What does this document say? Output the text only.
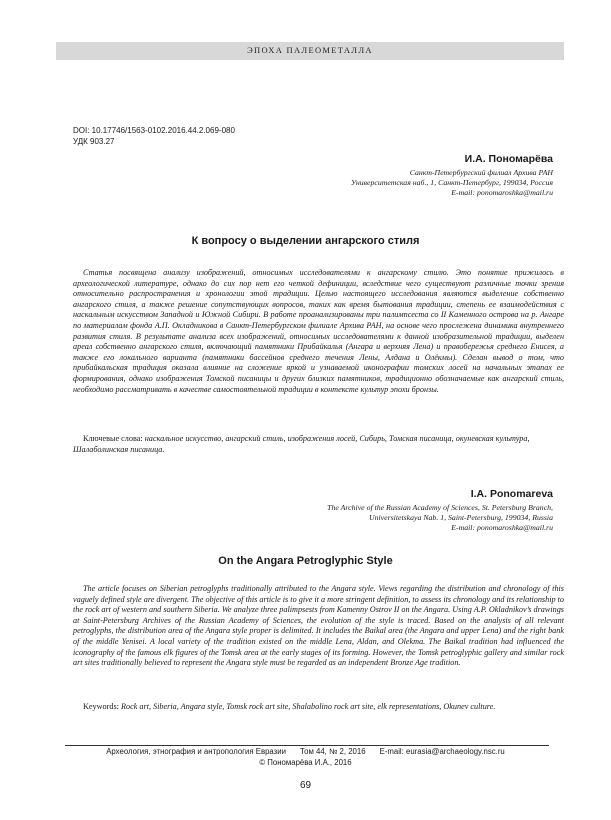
ЭПОХА ПАЛЕОМЕТАЛЛА
DOI: 10.17746/1563-0102.2016.44.2.069-080
УДК 903.27
И.А. Пономарёва
Санкт-Петербургский филиал Архива РАН
Университетская наб., 1, Санкт-Петербург, 199034, Россия
E-mail: ponomaroshka@mail.ru
К вопросу о выделении ангарского стиля

Статья посвящена анализу изображений, относимых исследователями к ангарскому стилю. Это понятие прижилось в археологической литературе, однако до сих пор нет его четкой дефиниции, вследствие чего существуют различные точки зрения относительно распространения и хронологии этой традиции. Целью настоящего исследования являются выделение собственно ангарского стиля, а также решение сопутствующих вопросов, таких как время бытования традиции, степень ее взаимодействия с наскальным искусством Западной и Южной Сибири. В работе проанализированы три палимпсеста со II Каменного острова на р. Ангаре по материалам фонда А.П. Окладникова в Санкт-Петербургском филиале Архива РАН, на основе чего прослежена динамика внутреннего развития стиля. В результате анализа всех изображений, относимых исследователями к данной изобразительной традиции, выделен ареал собственно ангарского стиля, включающий памятники Прибайкалья (Ангара и верхняя Лена) и правобережья среднего Енисея, а также его локального варианта (памятники бассейнов среднего течения Лены, Алдана и Олёкмы). Сделан вывод о том, что прибайкальская традиция оказала влияние на сложение яркой и узнаваемой иконографии томских лосей на начальных этапах ее формирования, однако изображения Томской писаницы и других близких памятников, традиционно обозначаемые как ангарский стиль, необходимо рассматривать в качестве самостоятельной традиции в контексте культур эпохи бронзы.

Ключевые слова: наскальное искусство, ангарский стиль, изображения лосей, Сибирь, Томская писаница, окуневская культура, Шалаболинская писаница.

I.A. Ponomareva
The Archive of the Russian Academy of Sciences, St. Petersburg Branch,
Universitetskaya Nab. 1, Saint-Petersburg, 199034, Russia
E-mail: ponomaroshka@mail.ru
On the Angara Petroglyphic Style

The article focuses on Siberian petroglyphs traditionally attributed to the Angara style. Views regarding the distribution and chronology of this vaguely defined style are divergent. The objective of this article is to give it a more stringent definition, to assess its chronology and its relationship to the rock art of western and southern Siberia. We analyze three palimpsests from Kamenny Ostrov II on the Angara. Using A.P. Okladnikov’s drawings at Saint-Petersburg Archives of the Russian Academy of Sciences, the evolution of the style is traced. Based on the analysis of all relevant petroglyphs, the distribution area of the Angara style proper is delimited. It includes the Baikal area (the Angara and upper Lena) and the right bank of the middle Yenisei. A local variety of the tradition existed on the middle Lena, Aldan, and Olekma. The Baikal tradition had influenced the iconography of the famous elk figures of the Tomsk area at the early stages of its forming. However, the Tomsk petroglyphic gallery and similar rock art sites traditionally believed to represent the Angara style must be regarded as an independent Bronze Age tradition.

Keywords: Rock art, Siberia, Angara style, Tomsk rock art site, Shalabolino rock art site, elk representations, Okunev culture.

Археология, этнография и антропология Евразии Том 44, № 2, 2016 E-mail: eurasia@archaeology.nsc.ru
© Пономарёва И.А., 2016
69
